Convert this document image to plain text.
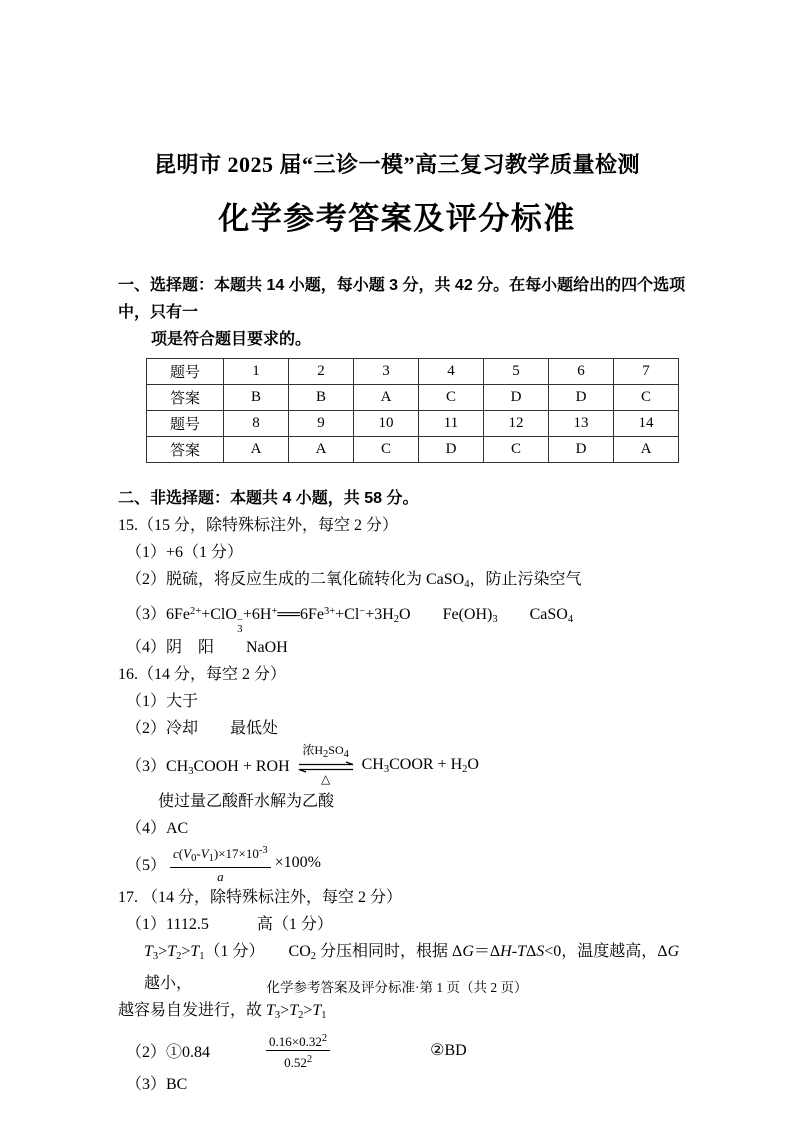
昆明市 2025 届“三诊一模”高三复习教学质量检测
化学参考答案及评分标准
一、选择题：本题共 14 小题，每小题 3 分，共 42 分。在每小题给出的四个选项中，只有一
项是符合题目要求的。
题号	1	2	3	4	5	6	7
答案	B	B	A	C	D	D	C
题号	8	9	10	11	12	13	14
答案	A	A	C	D	C	D	A
二、非选择题：本题共 4 小题，共 58 分。
15.（15 分，除特殊标注外，每空 2 分）
（1）+6（1 分）
（2）脱硫，将反应生成的二氧化硫转化为 CaSO$_4$，防止污染空气
$(3)6Fe^{2+}+ClO$ −
3
$+6H^+══6Fe^{3+}+Cl^-+3H_2O$　　$Fe(OH)_3$　　CaSO$_4$
（4）阴　阳　　NaOH
16.（14 分，每空 2 分）
（1）大于
（2）冷却　　最低处
$(3)CH_3COOH$ + ROH
浓H2SO4
△
$CH_3COOR + H_2O$
使过量乙酸酐水解为乙酸
（4）AC
$(5) \frac{c(V_0-V_1)\times 17\times 10^{-3}}{a} \times 100\%$
17. （14 分，除特殊标注外，每空 2 分）
（1）1112.5　　　高（1 分）
$T_3>T_2>T_1(1$ 分）　　$CO_2$ 分压相同时，根据 ΔG＝ΔH-TΔS<0，温度越高，ΔG 越小，
越容易自发进行，故 $T_3>T_2>T_1$
（2）①0.84	$\frac{0.16\times 0.32^2}{0.52^2}$	②BD
（3）BC
化学参考答案及评分标准·第 1 页（共 2 页）
